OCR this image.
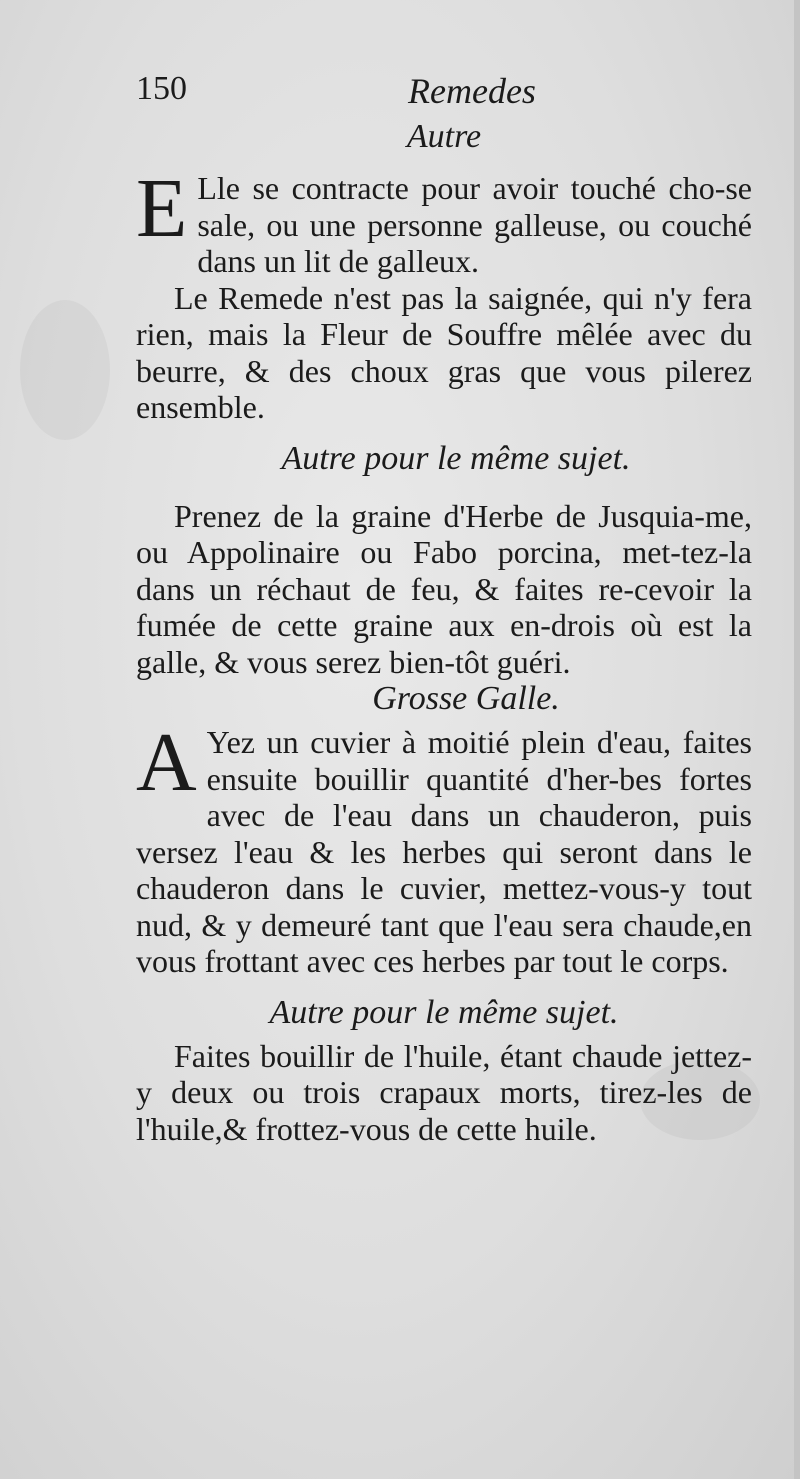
150	Remedes
Autre

E Lle se contracte pour avoir touché cho-se sale, ou une personne galleuse, ou couché dans un lit de galleux.

Le Remede n'est pas la saignée, qui n'y fera rien, mais la Fleur de Souffre mêlée avec du beurre, & des choux gras que vous pilerez ensemble.

Autre pour le même sujet.

Prenez de la graine d'Herbe de Jusquia-me, ou Appolinaire ou Fabo porcina, met-tez-la dans un réchaut de feu, & faites re-cevoir la fumée de cette graine aux en-drois où est la galle, & vous serez bien-tôt guéri.

Grosse Galle.

A Yez un cuvier à moitié plein d'eau, faites ensuite bouillir quantité d'her-bes fortes avec de l'eau dans un chauderon, puis versez l'eau & les herbes qui seront dans le chauderon dans le cuvier, mettez-vous-y tout nud, & y demeuré tant que l'eau sera chaude,en vous frottant avec ces herbes par tout le corps.

Autre pour le même sujet.

Faites bouillir de l'huile, étant chaude jettez-y deux ou trois crapaux morts, tirez-les de l'huile,& frottez-vous de cette huile.
